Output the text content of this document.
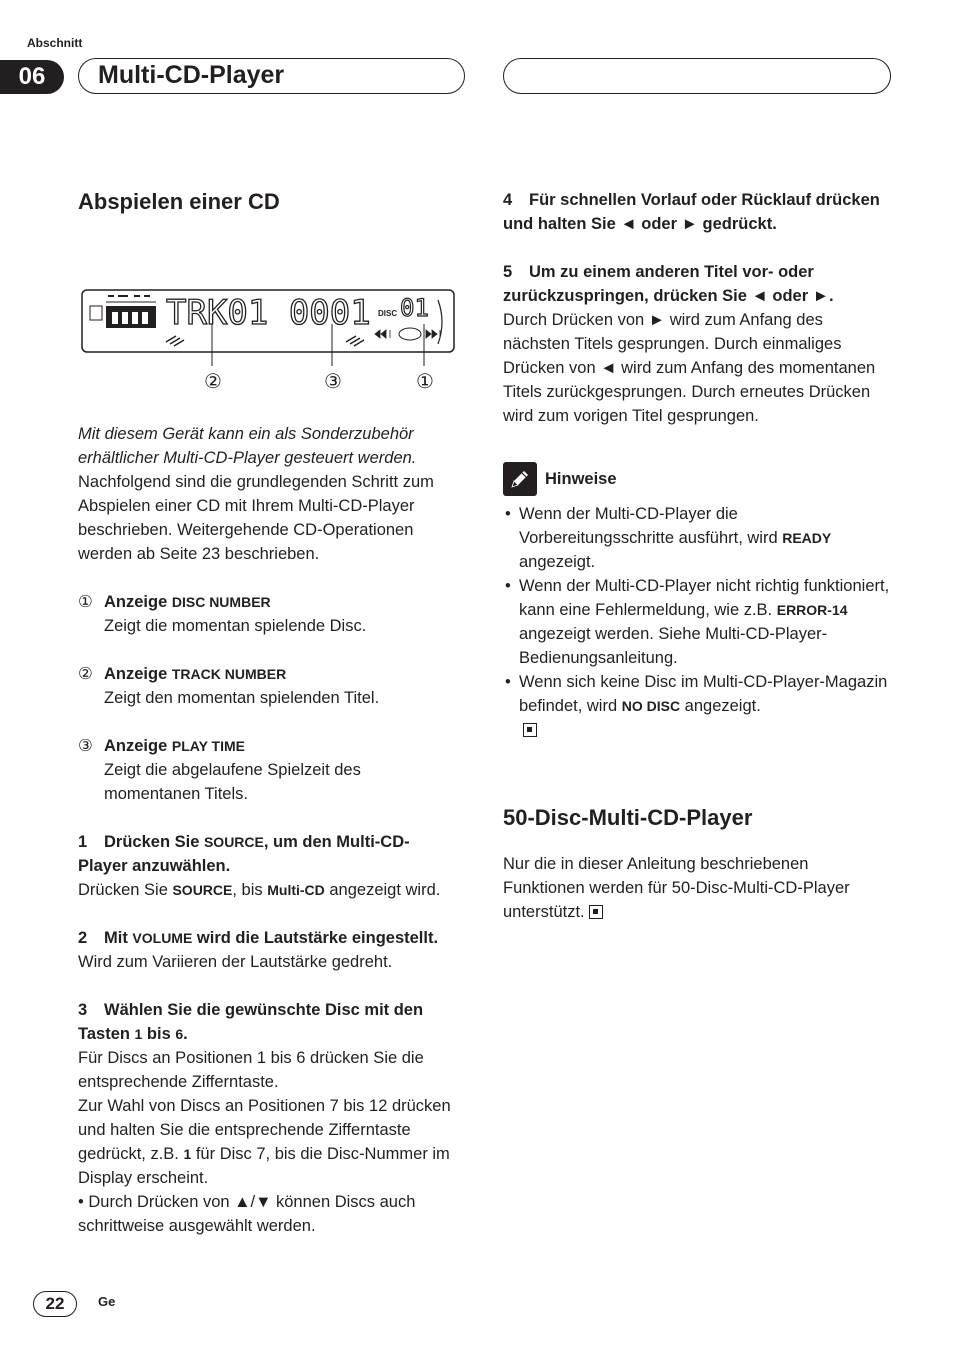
Abschnitt
06	Multi-CD-Player
Abspielen einer CD
TRK01 0001 DISC 01
②	③	①

Mit diesem Gerät kann ein als Sonderzubehör erhältlicher Multi-CD-Player gesteuert werden. Nachfolgend sind die grundlegenden Schritt zum Abspielen einer CD mit Ihrem Multi-CD-Player beschrieben. Weitergehende CD-Operationen werden ab Seite 23 beschrieben.

① Anzeige DISC NUMBER

Zeigt die momentan spielende Disc.

② Anzeige TRACK NUMBER

Zeigt den momentan spielenden Titel.

③ Anzeige PLAY TIME

Zeigt die abgelaufene Spielzeit des momentanen Titels.

1 Drücken Sie SOURCE, um den Multi-CD-Player anzuwählen.

Drücken Sie SOURCE, bis Multi-CD angezeigt wird.

2 Mit VOLUME wird die Lautstärke eingestellt.

Wird zum Variieren der Lautstärke gedreht.

3 Wählen Sie die gewünschte Disc mit den Tasten 1 bis 6.

Für Discs an Positionen 1 bis 6 drücken Sie die entsprechende Zifferntaste.

Zur Wahl von Discs an Positionen 7 bis 12 drücken und halten Sie die entsprechende Zifferntaste gedrückt, z.B. 1 für Disc 7, bis die Disc-Nummer im Display erscheint.

• Durch Drücken von ▲/▼ können Discs auch schrittweise ausgewählt werden.

4 Für schnellen Vorlauf oder Rücklauf drücken und halten Sie ◄ oder ► gedrückt.

5 Um zu einem anderen Titel vor- oder zurückzuspringen, drücken Sie ◄ oder ►.

Durch Drücken von ► wird zum Anfang des nächsten Titels gesprungen. Durch einmaliges Drücken von ◄ wird zum Anfang des momentanen Titels zurückgesprungen. Durch erneutes Drücken wird zum vorigen Titel gesprungen.

Hinweise

• Wenn der Multi-CD-Player die Vorbereitungsschritte ausführt, wird READY angezeigt.

• Wenn der Multi-CD-Player nicht richtig funktioniert, kann eine Fehlermeldung, wie z.B. ERROR-14 angezeigt werden. Siehe Multi-CD-Player-Bedienungsanleitung.

• Wenn sich keine Disc im Multi-CD-Player-Magazin befindet, wird NO DISC angezeigt.

50-Disc-Multi-CD-Player

Nur die in dieser Anleitung beschriebenen Funktionen werden für 50-Disc-Multi-CD-Player unterstützt.

22	Ge
